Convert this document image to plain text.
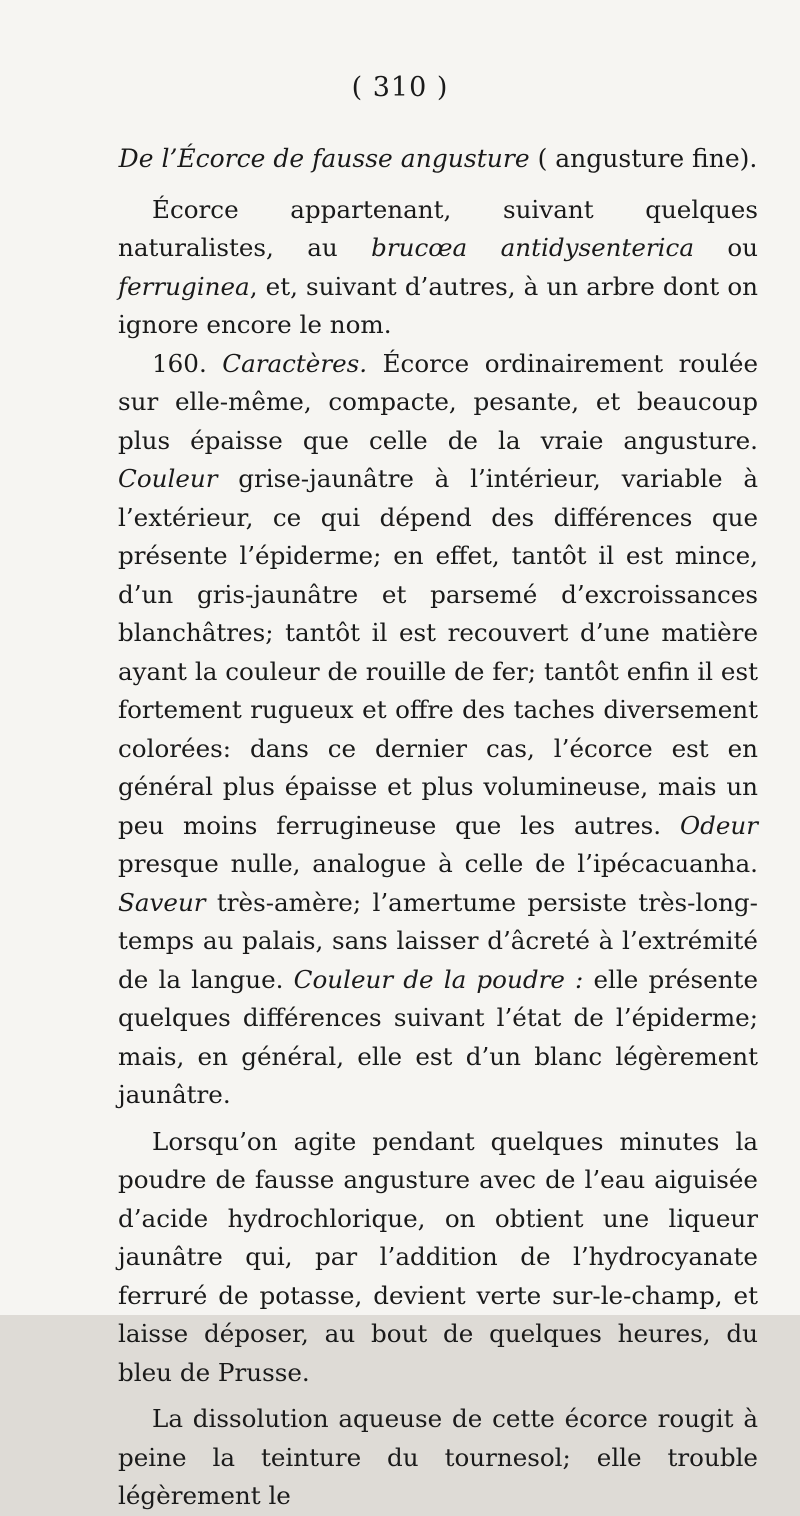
( 310 )
De l’Écorce de fausse angusture ( angusture fine).

Écorce appartenant, suivant quelques naturalistes, au brucœa antidysenterica ou ferruginea, et, suivant d’autres, à un arbre dont on ignore encore le nom.

160. Caractères. Écorce ordinairement roulée sur elle-même, compacte, pesante, et beaucoup plus épaisse que celle de la vraie angusture. Couleur grise-jaunâtre à l’intérieur, variable à l’extérieur, ce qui dépend des différences que présente l’épiderme; en effet, tantôt il est mince, d’un gris-jaunâtre et parsemé d’excroissances blanchâtres; tantôt il est recouvert d’une matière ayant la couleur de rouille de fer; tantôt enfin il est fortement rugueux et offre des taches diversement colorées: dans ce dernier cas, l’écorce est en général plus épaisse et plus volumineuse, mais un peu moins ferrugineuse que les autres. Odeur presque nulle, analogue à celle de l’ipécacuanha. Saveur très-amère; l’amertume persiste très-long-temps au palais, sans laisser d’âcreté à l’extrémité de la langue. Couleur de la poudre : elle présente quelques différences suivant l’état de l’épiderme; mais, en général, elle est d’un blanc légèrement jaunâtre.

Lorsqu’on agite pendant quelques minutes la poudre de fausse angusture avec de l’eau aiguisée d’acide hydrochlorique, on obtient une liqueur jaunâtre qui, par l’addition de l’hydrocyanate ferruré de potasse, devient verte sur-le-champ, et laisse déposer, au bout de quelques heures, du bleu de Prusse.

La dissolution aqueuse de cette écorce rougit à peine la teinture du tournesol; elle trouble légèrement le
